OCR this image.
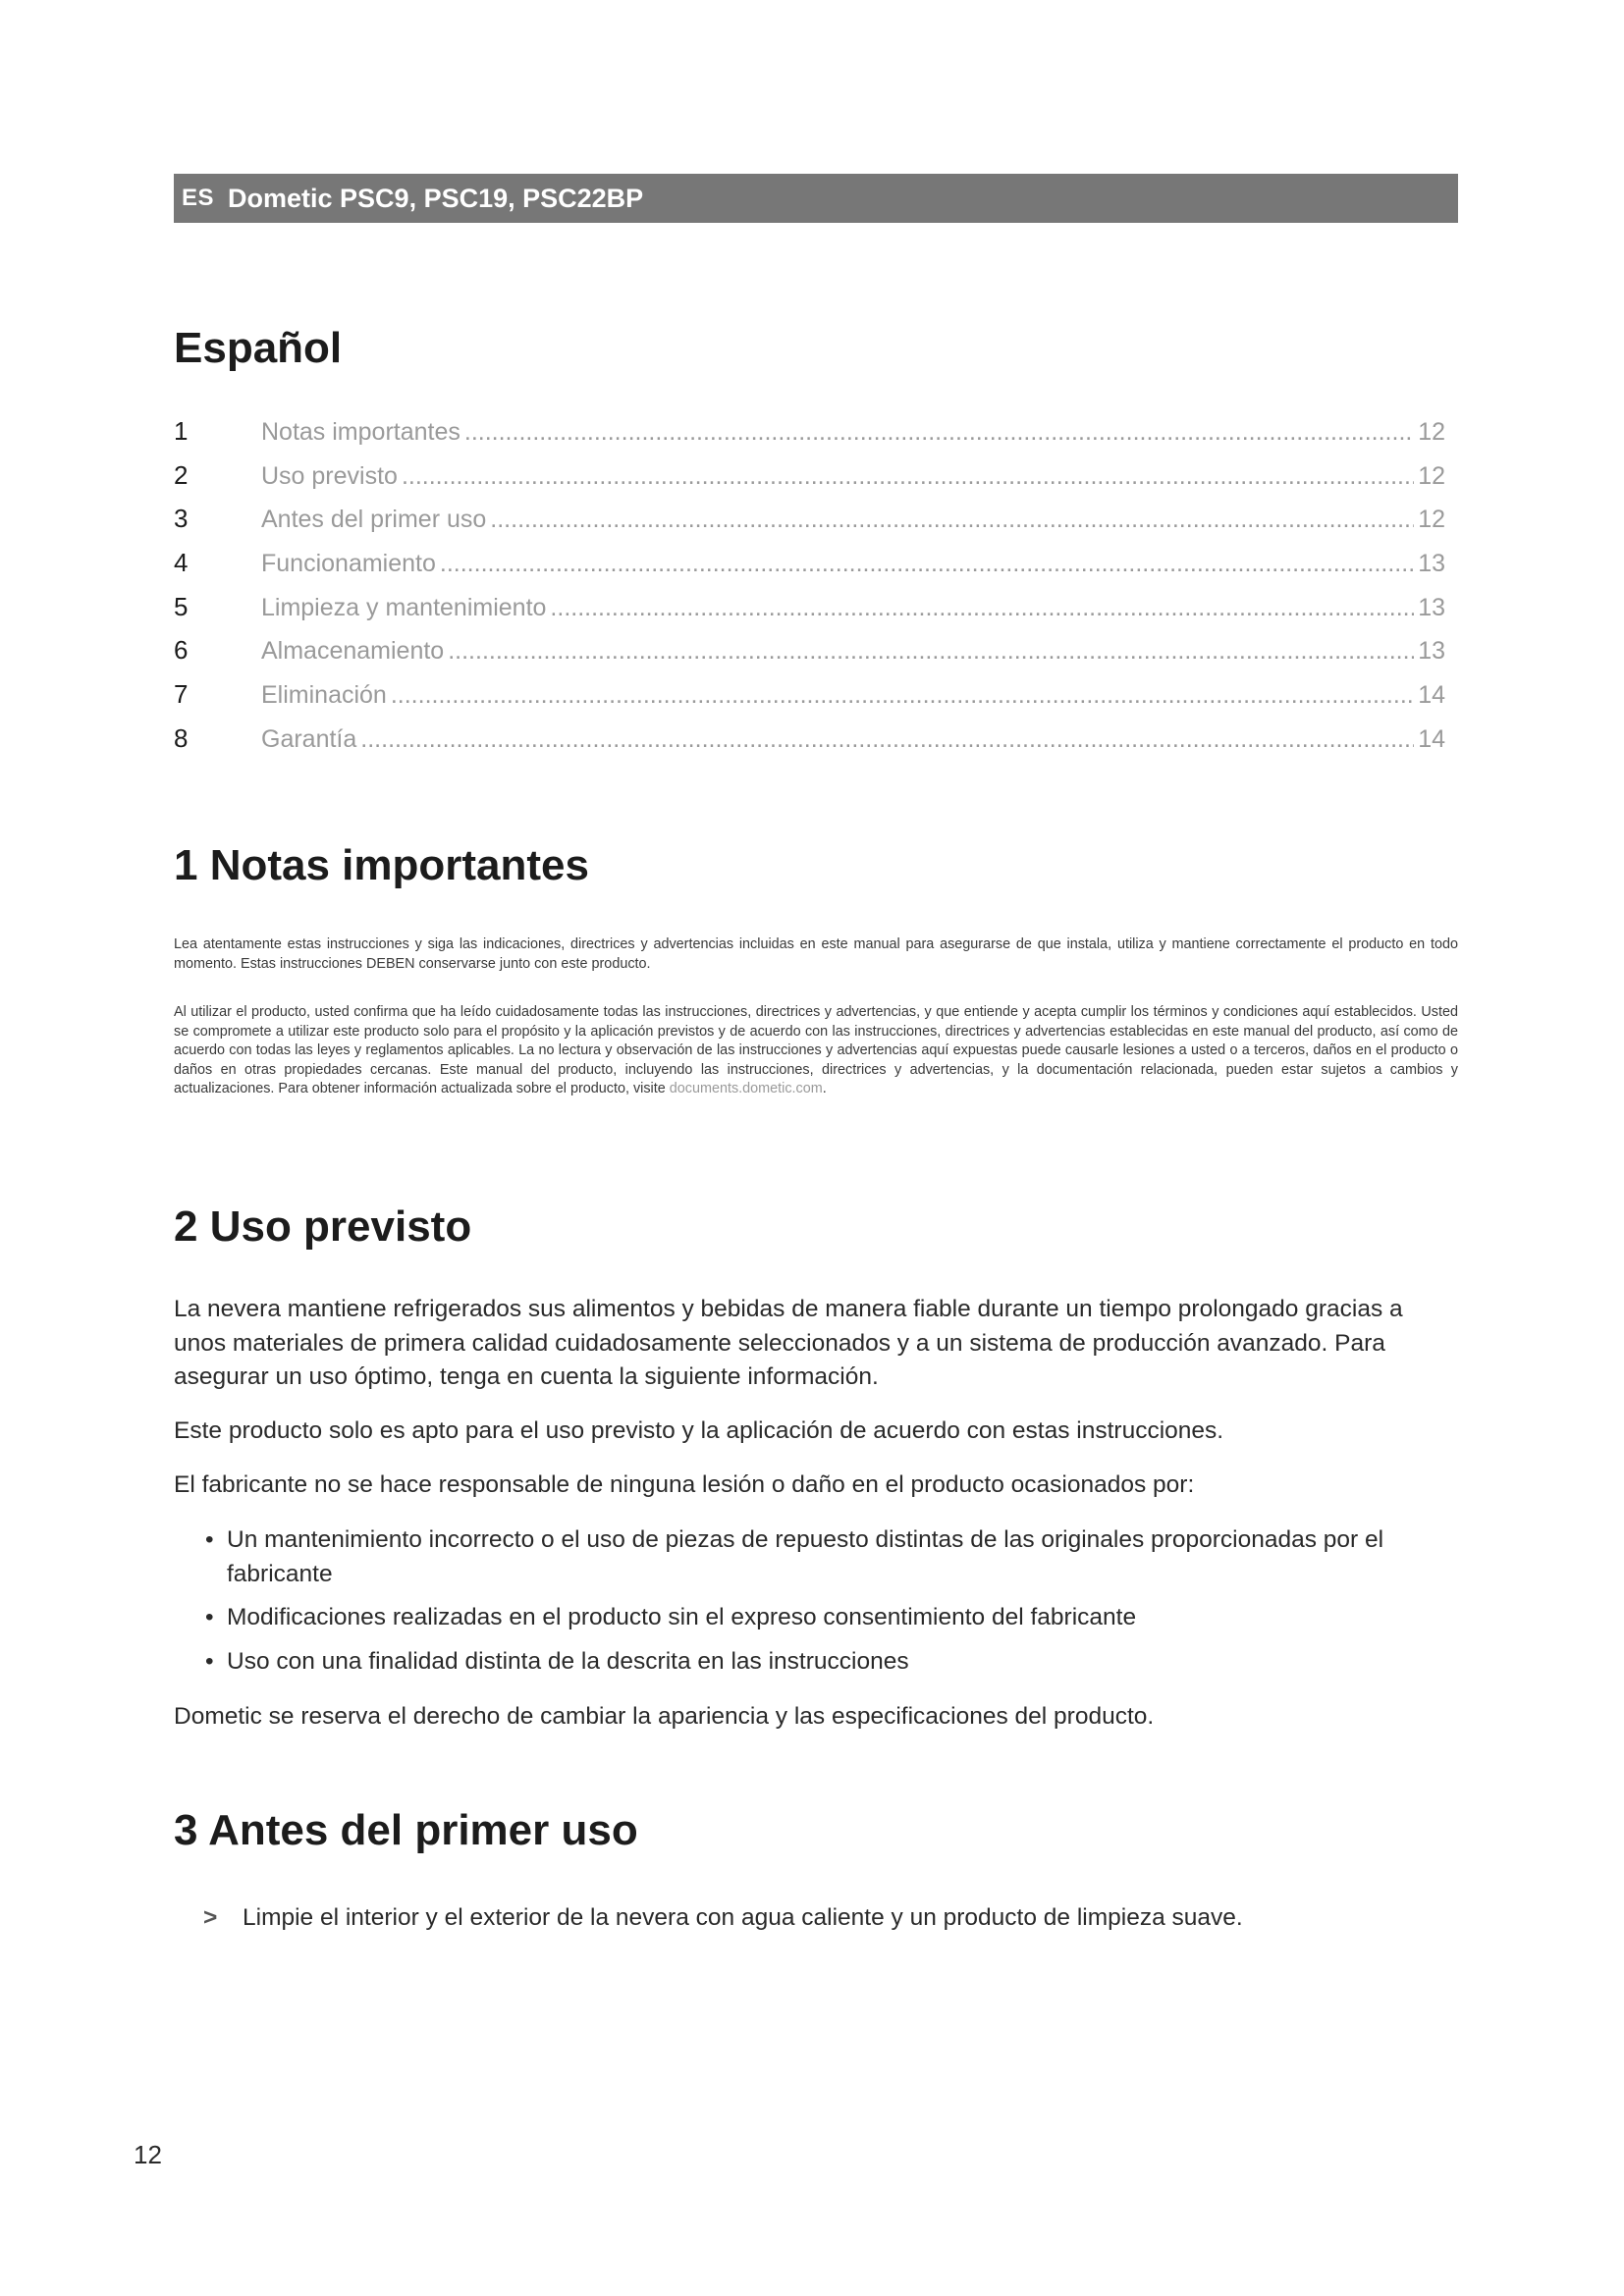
ES Dometic PSC9, PSC19, PSC22BP
Español
1	Notas importantes .....	12
2	Uso previsto .....	12
3	Antes del primer uso .....	12
4	Funcionamiento .....	13
5	Limpieza y mantenimiento .....	13
6	Almacenamiento .....	13
7	Eliminación .....	14
8	Garantía .....	14
1 Notas importantes

Lea atentamente estas instrucciones y siga las indicaciones, directrices y advertencias incluidas en este manual para asegurarse de que instala, utiliza y mantiene correctamente el producto en todo momento. Estas instrucciones DEBEN conservarse junto con este producto.

Al utilizar el producto, usted confirma que ha leído cuidadosamente todas las instrucciones, directrices y advertencias, y que entiende y acepta cumplir los términos y condiciones aquí establecidos. Usted se compromete a utilizar este producto solo para el propósito y la aplicación previstos y de acuerdo con las instrucciones, directrices y advertencias establecidas en este manual del producto, así como de acuerdo con todas las leyes y reglamentos aplicables. La no lectura y observación de las instrucciones y advertencias aquí expuestas puede causarle lesiones a usted o a terceros, daños en el producto o daños en otras propiedades cercanas. Este manual del producto, incluyendo las instrucciones, directrices y advertencias, y la documentación relacionada, pueden estar sujetos a cambios y actualizaciones. Para obtener información actualizada sobre el producto, visite documents.dometic.com.

2 Uso previsto

La nevera mantiene refrigerados sus alimentos y bebidas de manera fiable durante un tiempo prolongado gracias a unos materiales de primera calidad cuidadosamente seleccionados y a un sistema de producción avanzado. Para asegurar un uso óptimo, tenga en cuenta la siguiente información.

Este producto solo es apto para el uso previsto y la aplicación de acuerdo con estas instrucciones.

El fabricante no se hace responsable de ninguna lesión o daño en el producto ocasionados por:

• Un mantenimiento incorrecto o el uso de piezas de repuesto distintas de las originales proporcionadas por el fabricante
• Modificaciones realizadas en el producto sin el expreso consentimiento del fabricante
• Uso con una finalidad distinta de la descrita en las instrucciones

Dometic se reserva el derecho de cambiar la apariencia y las especificaciones del producto.

3 Antes del primer uso
>	Limpie el interior y el exterior de la nevera con agua caliente y un producto de limpieza suave.
12
